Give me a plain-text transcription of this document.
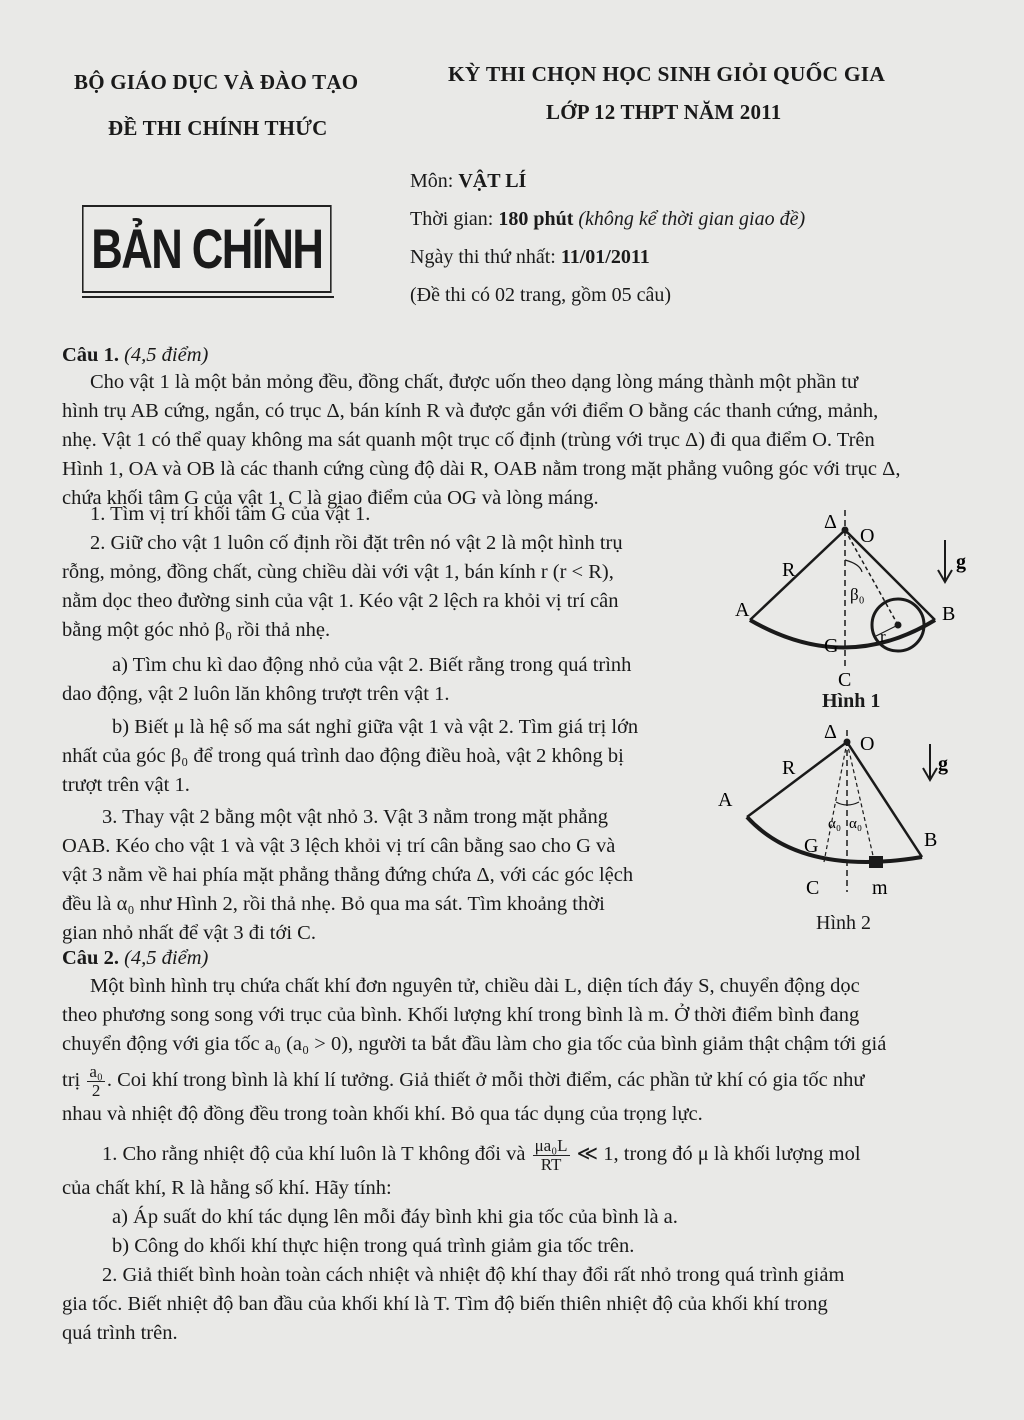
BỘ GIÁO DỤC VÀ ĐÀO TẠO
ĐỀ THI CHÍNH THỨC
KỲ THI CHỌN HỌC SINH GIỎI QUỐC GIA
LỚP 12 THPT NĂM 2011
BẢN CHÍNH
Môn: VẬT LÍ
Thời gian: 180 phút (không kể thời gian giao đề)
Ngày thi thứ nhất: 11/01/2011
(Đề thi có 02 trang, gồm 05 câu)
Câu 1. (4,5 điểm)
Cho vật 1 là một bản mỏng đều, đồng chất, được uốn theo dạng lòng máng thành một phần tư
hình trụ AB cứng, ngắn, có trục Δ, bán kính R và được gắn với điểm O bằng các thanh cứng, mảnh,
nhẹ. Vật 1 có thể quay không ma sát quanh một trục cố định (trùng với trục Δ) đi qua điểm O. Trên
Hình 1, OA và OB là các thanh cứng cùng độ dài R, OAB nằm trong mặt phẳng vuông góc với trục Δ,
chứa khối tâm G của vật 1, C là giao điểm của OG và lòng máng.
1. Tìm vị trí khối tâm G của vật 1.
2. Giữ cho vật 1 luôn cố định rồi đặt trên nó vật 2 là một hình trụ
rỗng, mỏng, đồng chất, cùng chiều dài với vật 1, bán kính r (r < R),
nằm dọc theo đường sinh của vật 1. Kéo vật 2 lệch ra khỏi vị trí cân
bằng một góc nhỏ β₀ rồi thả nhẹ.
a) Tìm chu kì dao động nhỏ của vật 2. Biết rằng trong quá trình
dao động, vật 2 luôn lăn không trượt trên vật 1.
b) Biết μ là hệ số ma sát nghỉ giữa vật 1 và vật 2. Tìm giá trị lớn
nhất của góc β₀ để trong quá trình dao động điều hoà, vật 2 không bị
trượt trên vật 1.
3. Thay vật 2 bằng một vật nhỏ 3. Vật 3 nằm trong mặt phẳng
OAB. Kéo cho vật 1 và vật 3 lệch khỏi vị trí cân bằng sao cho G và
vật 3 nằm về hai phía mặt phẳng thẳng đứng chứa Δ, với các góc lệch
đều là α₀ như Hình 2, rồi thả nhẹ. Bỏ qua ma sát. Tìm khoảng thời
gian nhỏ nhất để vật 3 đi tới C.
Δ
O
R
A	B
β₀
G
C
r
g
Hình 1
Δ
O
R
A
B
α₀ α₀
G
C	m
g
Hình 2
Câu 2. (4,5 điểm)
Một bình hình trụ chứa chất khí đơn nguyên tử, chiều dài L, diện tích đáy S, chuyển động dọc
theo phương song song với trục của bình. Khối lượng khí trong bình là m. Ở thời điểm bình đang
chuyển động với gia tốc a₀ (a₀ > 0), người ta bắt đầu làm cho gia tốc của bình giảm thật chậm tới giá
trị $\frac{\text{a₀}}{2}$ . Coi khí trong bình là khí lí tưởng. Giả thiết ở mỗi thời điểm, các phần tử khí có gia tốc như
nhau và nhiệt độ đồng đều trong toàn khối khí. Bỏ qua tác dụng của trọng lực.
1. Cho rằng nhiệt độ của khí luôn là T không đổi và $\frac{\text{μa₀L}}{RT}$ ≪ 1, trong đó μ là khối lượng mol
của chất khí, R là hằng số khí. Hãy tính:
a) Áp suất do khí tác dụng lên mỗi đáy bình khi gia tốc của bình là a.
b) Công do khối khí thực hiện trong quá trình giảm gia tốc trên.
2. Giả thiết bình hoàn toàn cách nhiệt và nhiệt độ khí thay đổi rất nhỏ trong quá trình giảm
gia tốc. Biết nhiệt độ ban đầu của khối khí là T. Tìm độ biến thiên nhiệt độ của khối khí trong
quá trình trên.
